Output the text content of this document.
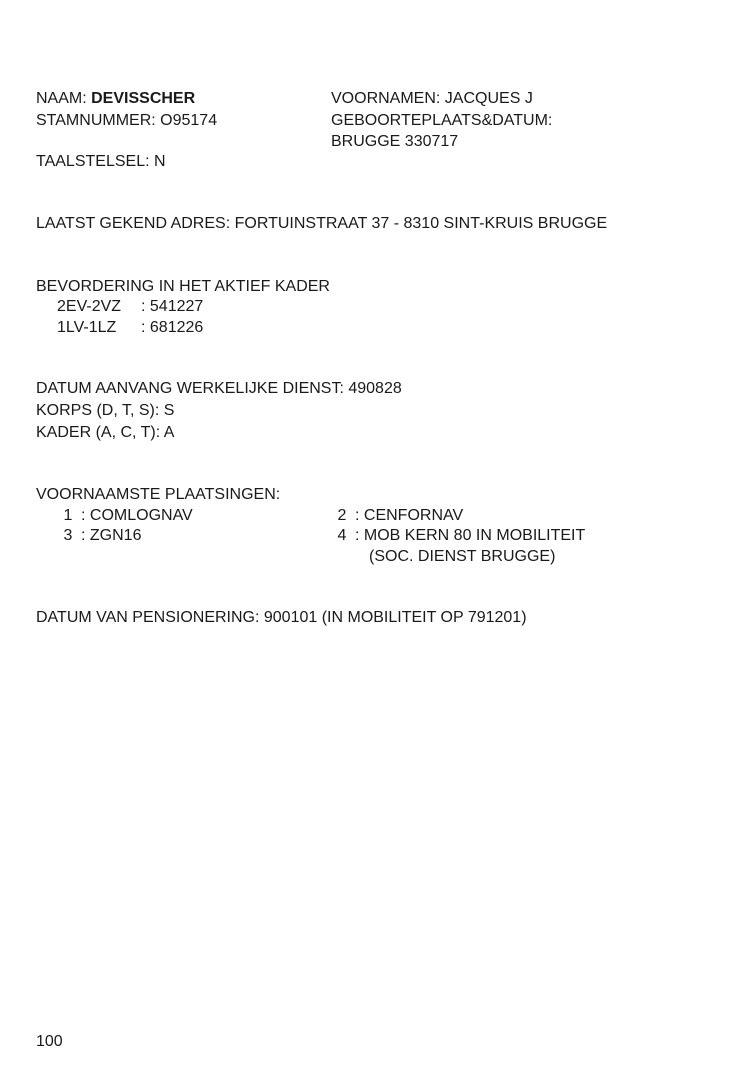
NAAM: DEVISSCHER
STAMNUMMER: O95174
TAALSTELSEL: N
VOORNAMEN: JACQUES J
GEBOORTEPLAATS&DATUM:
BRUGGE 330717
LAATST GEKEND ADRES: FORTUINSTRAAT 37 - 8310 SINT-KRUIS BRUGGE
BEVORDERING IN HET AKTIEF KADER
2EV-2VZ : 541227
1LV-1LZ : 681226
DATUM AANVANG WERKELIJKE DIENST: 490828
KORPS (D, T, S): S
KADER (A, C, T): A
VOORNAAMSTE PLAATSINGEN:
1 : COMLOGNAV	2 : CENFORNAV
3 : ZGN16	4 : MOB KERN 80 IN MOBILITEIT
(SOC. DIENST BRUGGE)
DATUM VAN PENSIONERING: 900101 (IN MOBILITEIT OP 791201)
100
